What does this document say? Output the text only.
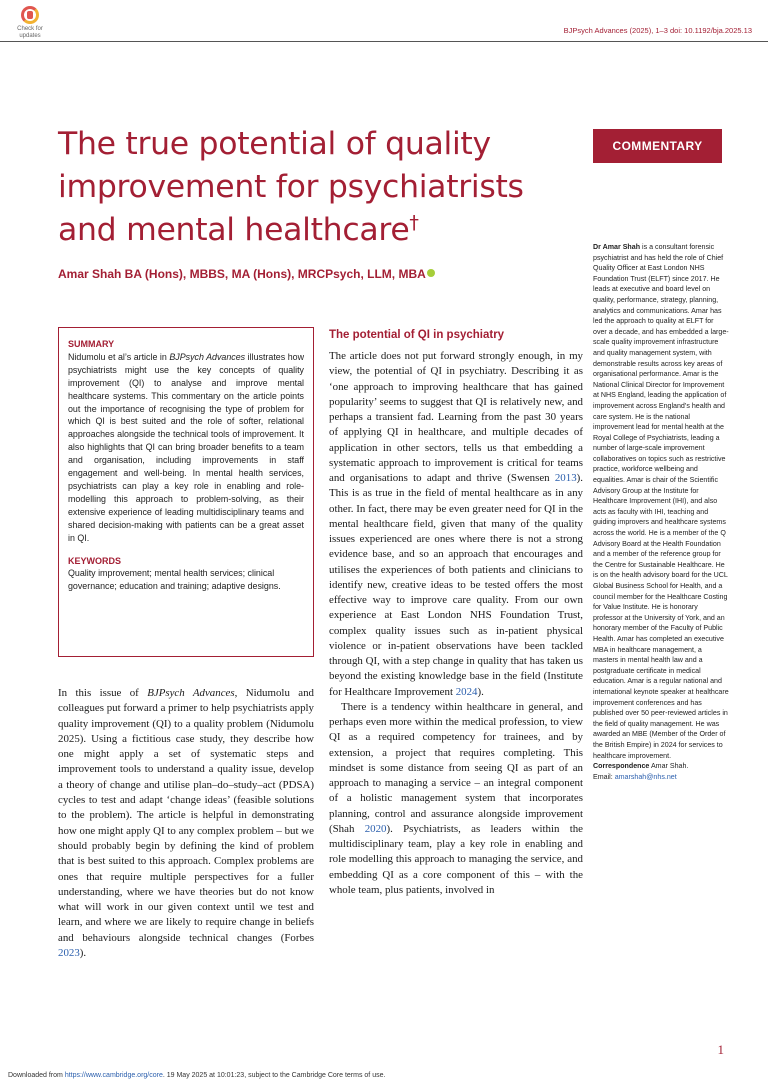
Check for
updates
BJPsych Advances (2025), 1–3 doi: 10.1192/bja.2025.13
The true potential of quality improvement for psychiatrists and mental healthcare†
Amar Shah BA (Hons), MBBS, MA (Hons), MRCPsych, LLM, MBA
COMMENTARY
SUMMARY

Nidumolu et al’s article in BJPsych Advances illustrates how psychiatrists might use the key concepts of quality improvement (QI) to analyse and improve mental healthcare systems. This commentary on the article points out the importance of recognising the type of problem for which QI is best suited and the role of softer, relational approaches alongside the technical tools of improvement. It also highlights that QI can bring broader benefits to a team and organisation, including improvements in staff engagement and well-being. In mental health services, psychiatrists can play a key role in enabling and role-modelling this approach to problem-solving, as their extensive experience of leading multidisciplinary teams and shared decision-making with patients can be a great asset in QI.

KEYWORDS

Quality improvement; mental health services; clinical governance; education and training; adaptive designs.

In this issue of BJPsych Advances, Nidumolu and colleagues put forward a primer to help psychiatrists apply quality improvement (QI) to a quality problem (Nidumolu 2025). Using a fictitious case study, they describe how one might apply a set of systematic steps and improvement tools to understand a quality issue, develop a theory of change and utilise plan–do–study–act (PDSA) cycles to test and adapt ‘change ideas’ (feasible solutions to the problem). The article is helpful in demonstrating how one might apply QI to any complex problem – but we should probably begin by defining the kind of problem that is best suited to this approach. Complex problems are ones that require multiple perspectives for a fuller understanding, where we have theories but do not know what will work in our given context until we test and learn, and where we are likely to require change in beliefs and behaviours alongside technical changes (Forbes 2023).

The potential of QI in psychiatry

The article does not put forward strongly enough, in my view, the potential of QI in psychiatry. Describing it as ‘one approach to improving healthcare that has gained popularity’ seems to suggest that QI is relatively new, and perhaps a transient fad. Learning from the past 30 years of applying QI in healthcare, and multiple decades of application in other sectors, tells us that embedding a systematic approach to improvement is critical for teams and organisations to adapt and thrive (Swensen 2013). This is as true in the field of mental healthcare as in any other. In fact, there may be even greater need for QI in the mental healthcare field, given that many of the quality issues experienced are ones where there is not a strong evidence base, and so an approach that encourages and utilises the experiences of both patients and clinicians to identify new, creative ideas to be tested offers the most effective way to improve care quality. From our own experience at East London NHS Foundation Trust, complex quality issues such as in-patient physical violence or in-patient observations have been tackled through QI, with a step change in quality that has taken us beyond the existing knowledge base in the field (Institute for Healthcare Improvement 2024).

There is a tendency within healthcare in general, and perhaps even more within the medical profession, to view QI as a required competency for trainees, and by extension, a project that requires completing. This mindset is some distance from seeing QI as part of an approach to managing a service – an integral component of a holistic management system that incorporates planning, control and assurance alongside improvement (Shah 2020). Psychiatrists, as leaders within the multidisciplinary team, play a key role in enabling and role modelling this approach to managing the service, and embedding QI as a core component of this – with the whole team, plus patients, involved in

Dr Amar Shah is a consultant forensic psychiatrist and has held the role of Chief Quality Officer at East London NHS Foundation Trust (ELFT) since 2017. He leads at executive and board level on quality, performance, strategy, planning, analytics and communications. Amar has led the approach to quality at ELFT for over a decade, and has embedded a large-scale quality improvement infrastructure and quality management system, with demonstrable results across key areas of organisational performance. Amar is the National Clinical Director for Improvement at NHS England, leading the application of improvement across England’s health and care system. He is the national improvement lead for mental health at the Royal College of Psychiatrists, leading a number of large-scale improvement collaboratives on topics such as restrictive practice, workforce wellbeing and equalities. Amar is chair of the Scientific Advisory Group at the Institute for Healthcare Improvement (IHI), and also acts as faculty with IHI, teaching and guiding improvers and healthcare systems across the world. He is a member of the Q Advisory Board at the Health Foundation and a member of the reference group for the Centre for Sustainable Healthcare. He is on the health advisory board for the UCL Global Business School for Health, and a council member for the Healthcare Costing for Value Institute. He is honorary professor at the University of York, and an honorary member of the Faculty of Public Health. Amar has completed an executive MBA in healthcare management, a masters in mental health law and a postgraduate certificate in medical education. Amar is a regular national and international keynote speaker at healthcare improvement conferences and has published over 50 peer-reviewed articles in the field of quality management. He was awarded an MBE (Member of the Order of the British Empire) in 2024 for services to healthcare improvement.

Correspondence Amar Shah.

Email: amarshah@nhs.net

1
Downloaded from https://www.cambridge.org/core. 19 May 2025 at 10:01:23, subject to the Cambridge Core terms of use.
